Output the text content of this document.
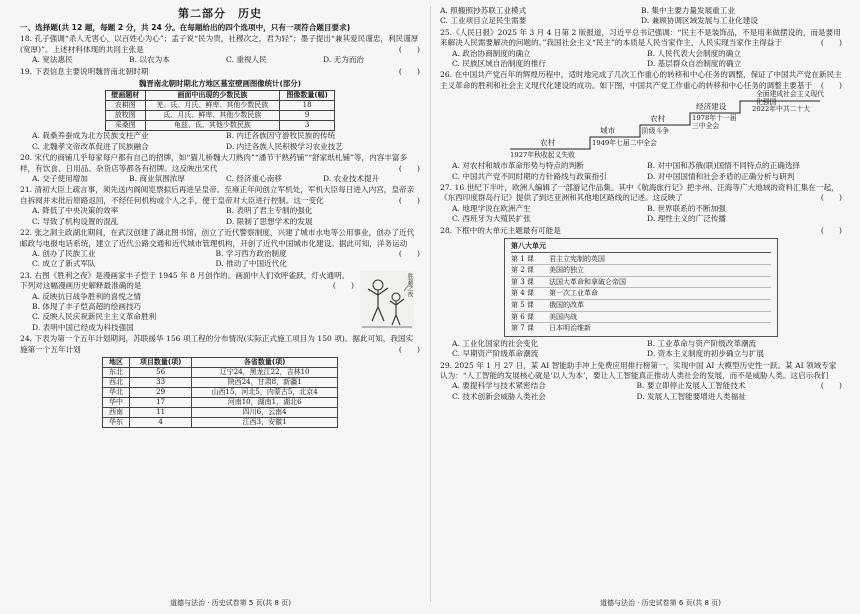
第二部分　历史
一、选择题(共 12 题，每题 2 分，共 24 分。在每题给出的四个选项中，只有一项符合题目要求)
18. 孔子强调“杀人无害心，以百姓心为心”；孟子说“民为贵，社稷次之，君为轻”；墨子提出“兼其爱民谨忠，利民谨厚(宽厚)”。上述材料体现的共同主张是	(　　)
A. 宽法惠民	B. 以农为本	C. 重视人民	D. 无为而治
19. 下表信息主要说明魏晋南北朝时期	(　　)
魏晋南北朝时期北方地区墓室壁画图像统计(部分)
壁画题材	画面中出现的少数民族	图像数量(幅)
农耕图	羌、氐、月氏、鲜卑、其他少数民族	18
放牧图	氐、月氏、鲜卑、其他少数民族	9
采桑图	龟兹、氐、其他少数民族	3
A. 栽桑养蚕成为北方民族支柱产业	B. 内迁各族因守游牧民族的传统
C. 北魏孝文帝改革促进了民族融合	D. 内迁各族人民积极学习农业技艺
20. 宋代的商铺几乎每家每户都有自己的招牌，如“猫儿桥魏大刀熟肉”“潘节干熟药铺”“舒家纸札铺”等，内容丰富多样，有饮食、日用品、杂货店等都各有招牌。这反映出宋代	(　　)
A. 交子使用增加	B. 商业氛围浓厚	C. 经济重心南移	D. 农业技术提升
21. 清初大臣上疏言事，须先送内阁阅览票拟后再进呈皇帝。至雍正年间创立军机处，军机大臣每日进入内宫，皇帝亲自拆阅并未批后原路返回，不经任何机构或个人之手，便于皇帝对大臣进行控制。这一变化	(　　)
A. 降低了中央决策的效率	B. 表明了君主专制的强化
C. 导致了机构设置的混乱	D. 限制了思想学术的发展
22. 张之洞主政湖北期间，在武汉创建了湖北图书馆，创立了近代警察制度，兴建了城市水电等公用事业，创办了近代邮政与电报电话系统，建立了近代公路交通和近代城市管理机构，开创了近代中国城市化建设。据此可知，洋务运动
(　　)
A. 创办了民族工业	B. 学习西方政治制度
C. 成立了新式军队	D. 推动了中国近代化
胜利之夜
23. 右图《胜利之夜》是漫画家丰子恺于 1945 年 8 月创作的。画面中人们欢呼雀跃，灯火通明。下列对这幅漫画历史解释最准确的是	(　　)
A. 反映抗日战争胜利的喜悦之情
B. 体现了丰子恺高超的绘画技巧
C. 反映人民庆祝新民主主义革命胜利
D. 表明中国已经成为科技强国
24. 下表为第一个五年计划期间，苏联援华 156 项工程的分布情况(实际正式施工项目为 150 项)。据此可知，我国实施第一个五年计划	(　　)
地区	项目数量(项)	各省数量(项)
东北	56	辽宁24，黑龙江22，吉林10
西北	33	陕西24，甘肃8，新疆1
华北	29	山西15，河北5，内蒙古5，北京4
华中	17	河南10，湖南1，湖北6
西南	11	四川6，云南4
华东	4	江西3，安徽1
A. 照搬照抄苏联工业模式	B. 集中主要力量发展重工业
C. 工业项目立足民生需要	D. 兼顾协调区域发展与工业化建设
25.《人民日报》2025 年 3 月 4 日第 2 版报道，习近平总书记强调：“民主不是装饰品，不是用来做摆设的，而是要用来解决人民需要解决的问题的。”我国社会主义“民主”的本质是人民当家作主，人民实现当家作主得益于	(　　)
A. 政治协商制度的确立	B. 人民代表大会制度的确立
C. 民族区域自治制度的推行	D. 基层群众自治制度的确立
26. 在中国共产党百年的辉煌历程中，适时地完成了几次工作重心的转移和中心任务的调整，保证了中国共产党在新民主主义革命的胜利和社会主义现代化建设的成功。如下图，中国共产党工作重心的转移和中心任务的调整主要基于 (　　)
农村
1927年秋收起义失败
城市
1949年七届二中全会
农村
阶级斗争
经济建设
1978年十一届三中全会
全面建成社会主义现代化强国
2022年中共二十大
A. 对农村和城市革命形势与特点的判断	B. 对中国和苏俄(联)国情不同特点的正确选择
C. 中国共产党不同时期的方针路线与政策指引	D. 对中国国情和社会矛盾的正确分析与研判
27. 16 世纪下半叶，欧洲人编辑了一部游记作品集。其中《航海旅行记》把丰州、汪海等广大地域的资料汇集在一起，《东西印度群岛行记》提供了到达亚洲和其他地区路线的记述。这反映了	(　　)
A. 地理学说在欧洲产生	B. 世界联系的不断加强
C. 西班牙为大殖民扩张	D. 理性主义的广泛传播
28. 下框中的大单元主题最有可能是	(　　)
第八大单元
第 1 课 君主立宪制的英国
第 2 课 美国的独立
第 3 课 法国大革命和拿破仑帝国
第 4 课 第一次工业革命
第 5 课 俄国的改革
第 6 课 美国内战
第 7 课 日本明治维新
A. 工业化国家的社会变化	B. 工业革命与资产阶级改革潮流
C. 早期资产阶级革命潮流	D. 资本主义制度的初步确立与扩展
29. 2025 年 1 月 27 日，某 AI 智能助手冲上免费应用排行榜第一，实现中国 AI 大模型历史性一跃。某 AI 领域专家认为：“人工智能的发展核心就是‘以人为本’，要让人工智能真正推动人类社会的发展，而不是威胁人类。这启示我们
(　　)
A. 要提科学与技术紧密结合	B. 要立即停止发展人工智能技术
C. 技术创新会威胁人类社会	D. 发展人工智能要增进人类福祉
道德与法治 · 历史试卷第 5 页(共 8 页)	道德与法治 · 历史试卷第 6 页(共 8 页)
